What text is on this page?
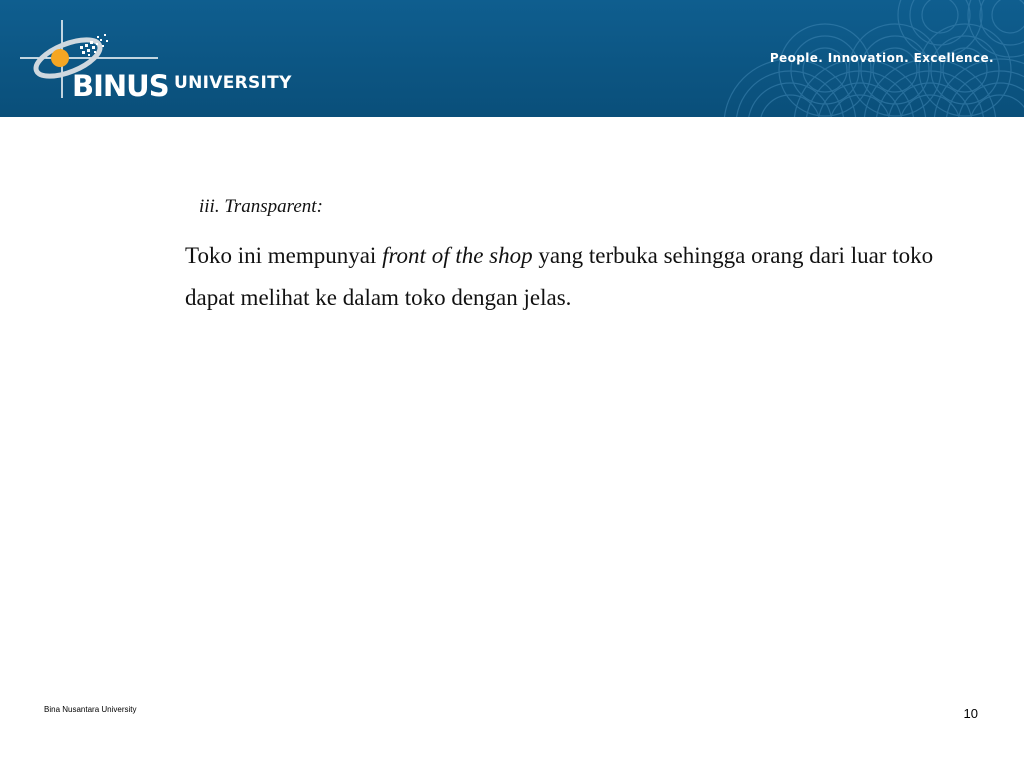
BINUS UNIVERSITY
People. Innovation. Excellence.
iii. Transparent:
Toko ini mempunyai front of the shop yang terbuka sehingga orang dari luar toko dapat melihat ke dalam toko dengan jelas.
Bina Nusantara University	10
